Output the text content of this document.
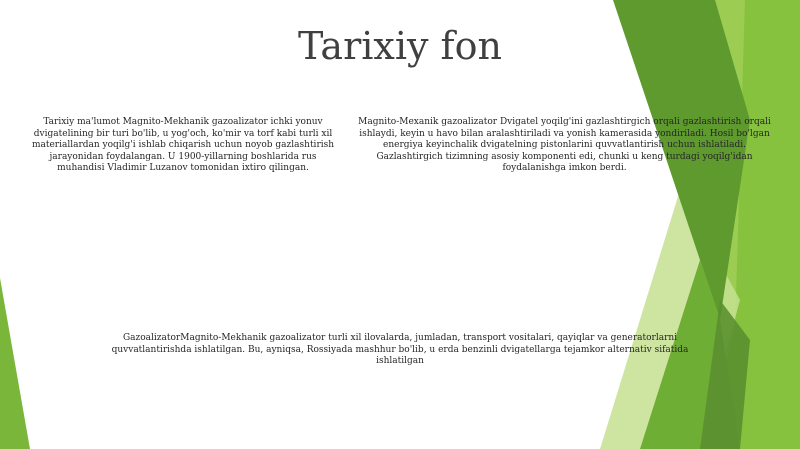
Tarixiy fon

Tarixiy ma'lumot Magnito-Mekhanik gazoalizator ichki yonuv dvigatelining bir turi bo'lib, u yog'och, ko'mir va torf kabi turli xil materiallardan yoqilg'i ishlab chiqarish uchun noyob gazlashtirish jarayonidan foydalangan. U 1900-yillarning boshlarida rus muhandisi Vladimir Luzanov tomonidan ixtiro qilingan.

Magnito-Mexanik gazoalizator Dvigatel yoqilg'ini gazlashtirgich orqali gazlashtirish orqali ishlaydi, keyin u havo bilan aralashtiriladi va yonish kamerasida yondiriladi. Hosil bo'lgan energiya keyinchalik dvigatelning pistonlarini quvvatlantirish uchun ishlatiladi. Gazlashtirgich tizimning asosiy komponenti edi, chunki u keng turdagi yoqilg'idan foydalanishga imkon berdi.

GazoalizatorMagnito-Mekhanik gazoalizator turli xil ilovalarda, jumladan, transport vositalari, qayiqlar va generatorlarni quvvatlantirishda ishlatilgan. Bu, ayniqsa, Rossiyada mashhur bo'lib, u erda benzinli dvigatellarga tejamkor alternativ sifatida ishlatilgan
